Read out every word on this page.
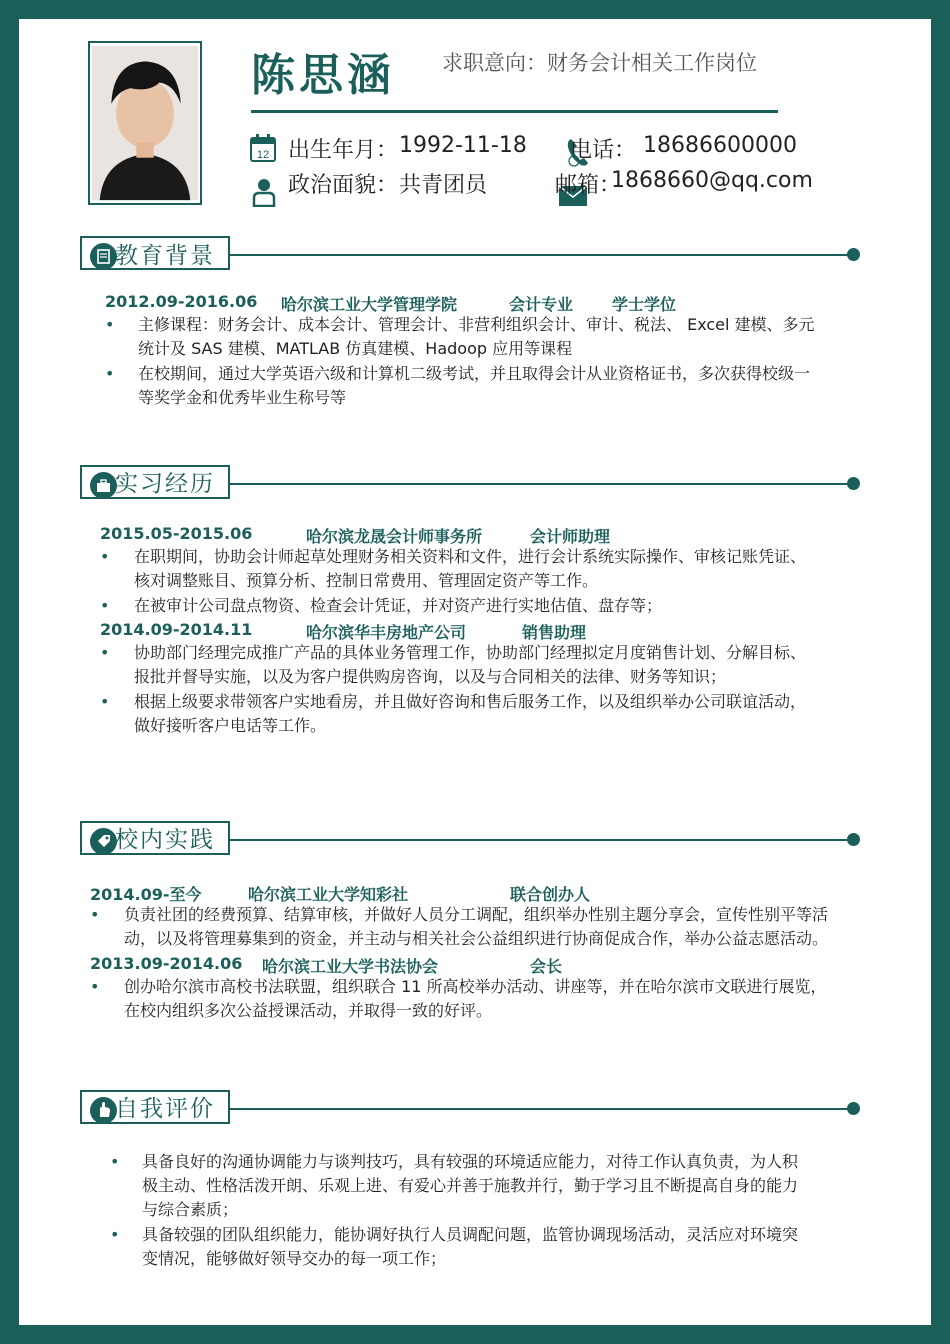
陈思涵 求职意向：财务会计相关工作岗位
12 出生年月： 1992-11-18
政治面貌： 共青团员
电话： 18686600000
邮箱：
1868660@qq.com
教育背景
2012.09-2016.06 哈尔滨工业大学管理学院	会计专业 学士学位
• 主修课程：财务会计、成本会计、管理会计、非营利组织会计、审计、税法、 Excel 建模、多元
统计及 SAS 建模、MATLAB 仿真建模、Hadoop 应用等课程
• 在校期间，通过大学英语六级和计算机二级考试，并且取得会计从业资格证书，多次获得校级一
等奖学金和优秀毕业生称号等
实习经历
2015.05-2015.06	哈尔滨龙晟会计师事务所	会计师助理
• 在职期间，协助会计师起草处理财务相关资料和文件，进行会计系统实际操作、审核记账凭证、
核对调整账目、预算分析、控制日常费用、管理固定资产等工作。
• 在被审计公司盘点物资、检查会计凭证，并对资产进行实地估值、盘存等；
2014.09-2014.11	哈尔滨华丰房地产公司	销售助理
• 协助部门经理完成推广产品的具体业务管理工作，协助部门经理拟定月度销售计划、分解目标、
报批并督导实施，以及为客户提供购房咨询，以及与合同相关的法律、财务等知识；
• 根据上级要求带领客户实地看房，并且做好咨询和售后服务工作，以及组织举办公司联谊活动，
做好接听客户电话等工作。
校内实践
2014.09-至今	哈尔滨工业大学知彩社	联合创办人
• 负责社团的经费预算、结算审核，并做好人员分工调配，组织举办性别主题分享会，宣传性别平等活
动，以及将管理募集到的资金，并主动与相关社会公益组织进行协商促成合作，举办公益志愿活动。
2013.09-2014.06 哈尔滨工业大学书法协会	会长
• 创办哈尔滨市高校书法联盟，组织联合 11 所高校举办活动、讲座等，并在哈尔滨市文联进行展览，
在校内组织多次公益授课活动，并取得一致的好评。
自我评价
• 具备良好的沟通协调能力与谈判技巧，具有较强的环境适应能力，对待工作认真负责，为人积
极主动、性格活泼开朗、乐观上进、有爱心并善于施教并行，勤于学习且不断提高自身的能力
与综合素质；
• 具备较强的团队组织能力，能协调好执行人员调配问题，监管协调现场活动，灵活应对环境突
变情况，能够做好领导交办的每一项工作；
